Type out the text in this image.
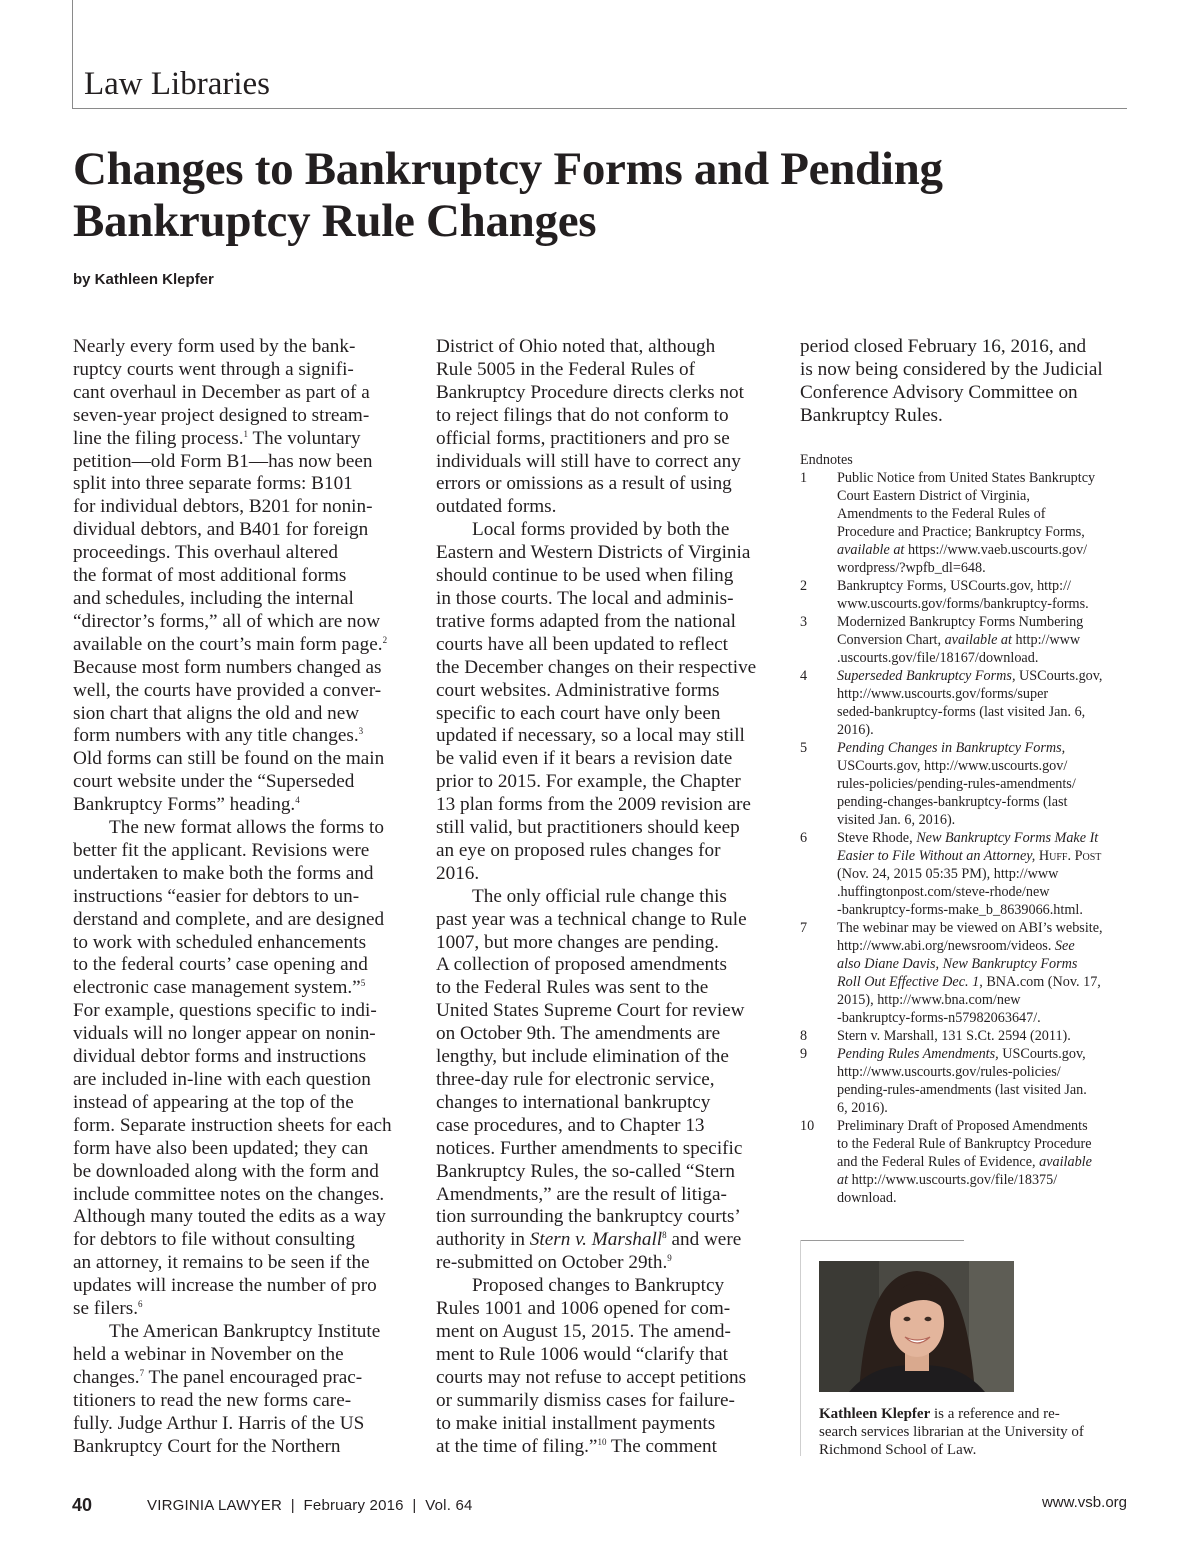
Law Libraries
Changes to Bankruptcy Forms and Pending
Bankruptcy Rule Changes
by Kathleen Klepfer
Nearly every form used by the bank-
ruptcy courts went through a signifi-
cant overhaul in December as part of a
seven-year project designed to stream-
line the filing process.$^1$ The voluntary
petition—old Form B1—has now been
split into three separate forms: B101
for individual debtors, B201 for nonin-
dividual debtors, and B401 for foreign
proceedings. This overhaul altered
the format of most additional forms
and schedules, including the internal
“director’s forms,” all of which are now
available on the court’s main form page.$^2$
Because most form numbers changed as
well, the courts have provided a conver-
sion chart that aligns the old and new
form numbers with any title changes.$^3$
Old forms can still be found on the main
court website under the “Superseded
Bankruptcy Forms” heading.$^4$
The new format allows the forms to
better fit the applicant. Revisions were
undertaken to make both the forms and
instructions “easier for debtors to un-
derstand and complete, and are designed
to work with scheduled enhancements
to the federal courts’ case opening and
electronic case management system.”$^5$
For example, questions specific to indi-
viduals will no longer appear on nonin-
dividual debtor forms and instructions
are included in-line with each question
instead of appearing at the top of the
form. Separate instruction sheets for each
form have also been updated; they can
be downloaded along with the form and
include committee notes on the changes.
Although many touted the edits as a way
for debtors to file without consulting
an attorney, it remains to be seen if the
updates will increase the number of pro
se filers.$^6$
The American Bankruptcy Institute
held a webinar in November on the
changes.$^7$ The panel encouraged prac-
titioners to read the new forms care-
fully. Judge Arthur I. Harris of the US
Bankruptcy Court for the Northern
District of Ohio noted that, although
Rule 5005 in the Federal Rules of
Bankruptcy Procedure directs clerks not
to reject filings that do not conform to
official forms, practitioners and pro se
individuals will still have to correct any
errors or omissions as a result of using
outdated forms.
Local forms provided by both the
Eastern and Western Districts of Virginia
should continue to be used when filing
in those courts. The local and adminis-
trative forms adapted from the national
courts have all been updated to reflect
the December changes on their respective
court websites. Administrative forms
specific to each court have only been
updated if necessary, so a local may still
be valid even if it bears a revision date
prior to 2015. For example, the Chapter
13 plan forms from the 2009 revision are
still valid, but practitioners should keep
an eye on proposed rules changes for
2016.
The only official rule change this
past year was a technical change to Rule
1007, but more changes are pending.
A collection of proposed amendments
to the Federal Rules was sent to the
United States Supreme Court for review
on October 9th. The amendments are
lengthy, but include elimination of the
three-day rule for electronic service,
changes to international bankruptcy
case procedures, and to Chapter 13
notices. Further amendments to specific
Bankruptcy Rules, the so-called “Stern
Amendments,” are the result of litiga-
tion surrounding the bankruptcy courts’
authority in Stern v. Marshall$^8$ and were
re-submitted on October 29th.$^9$
Proposed changes to Bankruptcy
Rules 1001 and 1006 opened for com-
ment on August 15, 2015. The amend-
ment to Rule 1006 would “clarify that
courts may not refuse to accept petitions
or summarily dismiss cases for failure-
to make initial installment payments
at the time of filing.”$^{10}$ The comment
period closed February 16, 2016, and
is now being considered by the Judicial
Conference Advisory Committee on
Bankruptcy Rules.
Endnotes
1 Public Notice from United States Bankruptcy
Court Eastern District of Virginia,
Amendments to the Federal Rules of
Procedure and Practice; Bankruptcy Forms,
available at https://www.vaeb.uscourts.gov/
wordpress/?wpfb_dl=648.
2 Bankruptcy Forms, USCourts.gov, http://
www.uscourts.gov/forms/bankruptcy-forms.
3 Modernized Bankruptcy Forms Numbering
Conversion Chart, available at http://www
.uscourts.gov/file/18167/download.
4 Superseded Bankruptcy Forms, USCourts.gov,
http://www.uscourts.gov/forms/super
seded-bankruptcy-forms (last visited Jan. 6,
2016).
5 Pending Changes in Bankruptcy Forms,
USCourts.gov, http://www.uscourts.gov/
rules-policies/pending-rules-amendments/
pending-changes-bankruptcy-forms (last
visited Jan. 6, 2016).
6 Steve Rhode, New Bankruptcy Forms Make It
Easier to File Without an Attorney, Huff. Post
(Nov. 24, 2015 05:35 PM), http://www
.huffingtonpost.com/steve-rhode/new
-bankruptcy-forms-make_b_8639066.html.
7 The webinar may be viewed on ABI’s website,
http://www.abi.org/newsroom/videos. See
also Diane Davis, New Bankruptcy Forms
Roll Out Effective Dec. 1, BNA.com (Nov. 17,
2015), http://www.bna.com/new
-bankruptcy-forms-n57982063647/.
8 Stern v. Marshall, 131 S.Ct. 2594 (2011).
9 Pending Rules Amendments, USCourts.gov,
http://www.uscourts.gov/rules-policies/
pending-rules-amendments (last visited Jan.
6, 2016).
10 Preliminary Draft of Proposed Amendments
to the Federal Rule of Bankruptcy Procedure
and the Federal Rules of Evidence, available
at http://www.uscourts.gov/file/18375/
download.
Kathleen Klepfer is a reference and re-
search services librarian at the University of
Richmond School of Law.
40	VIRGINIA LAWYER  |  February 2016  |  Vol. 64	www.vsb.org
